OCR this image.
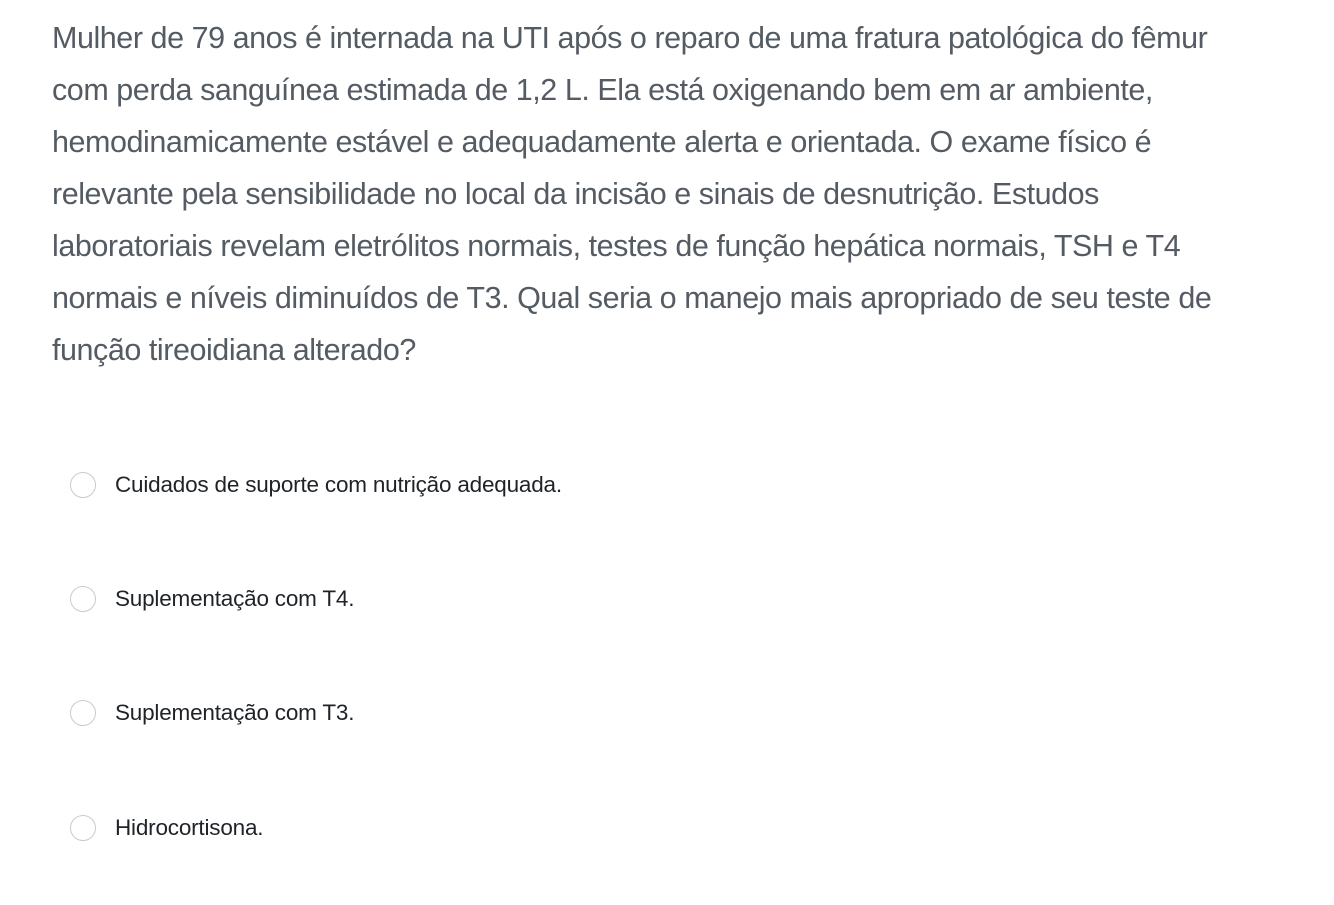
Mulher de 79 anos é internada na UTI após o reparo de uma fratura patológica do fêmur
com perda sanguínea estimada de 1,2 L. Ela está oxigenando bem em ar ambiente,
hemodinamicamente estável e adequadamente alerta e orientada. O exame físico é
relevante pela sensibilidade no local da incisão e sinais de desnutrição. Estudos
laboratoriais revelam eletrólitos normais, testes de função hepática normais, TSH e T4
normais e níveis diminuídos de T3. Qual seria o manejo mais apropriado de seu teste de
função tireoidiana alterado?

Cuidados de suporte com nutrição adequada.
Suplementação com T4.
Suplementação com T3.
Hidrocortisona.
